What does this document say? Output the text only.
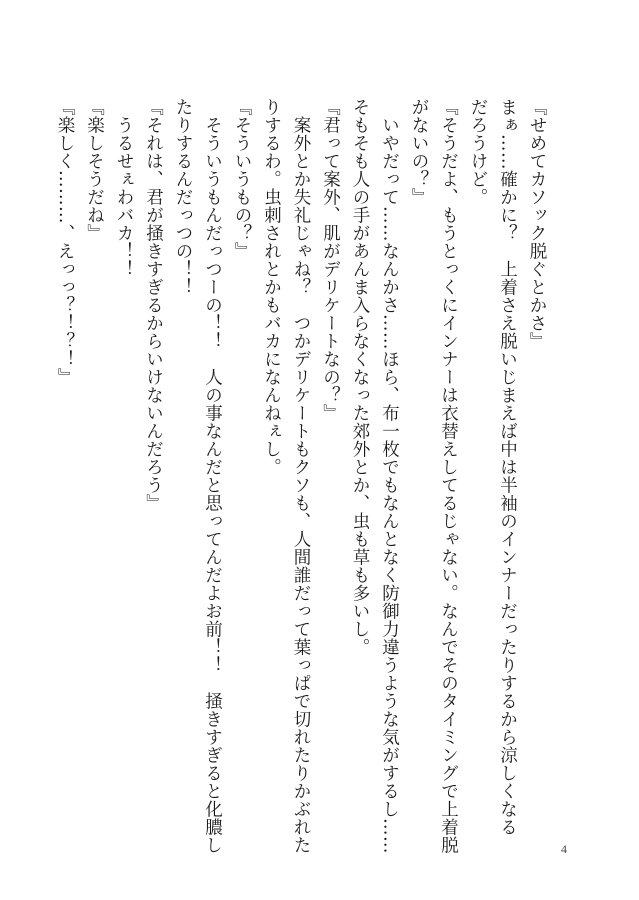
『せめてカソック脱ぐとかさ』

まぁ……確かに？　上着さえ脱いじまえば中は半袖のインナーだったりするから涼しくなる

だろうけど。

『そうだよ、もうとっくにインナーは衣替えしてるじゃない。なんでそのタイミングで上着脱

がないの？』

　いやだって……なんかさ……ほら、布一枚でもなんとなく防御力違うような気がするし……

そもそも人の手があんま入らなくなった郊外とか、虫も草も多いし。

『君って案外、肌がデリケートなの？』

　案外とか失礼じゃね？　つかデリケートもクソも、人間誰だって葉っぱで切れたりかぶれた

りするわ。虫刺されとかもバカになんねぇし。

『そういうもの？』

　そういうもんだっつーの！！　人の事なんだと思ってんだよお前！！　掻きすぎると化膿し

たりするんだっつの！！

『それは、君が掻きすぎるからいけないんだろう』

　うるせぇわバカ！！

『楽しそうだね』

『楽しく………、えっっ？！？！』

4
